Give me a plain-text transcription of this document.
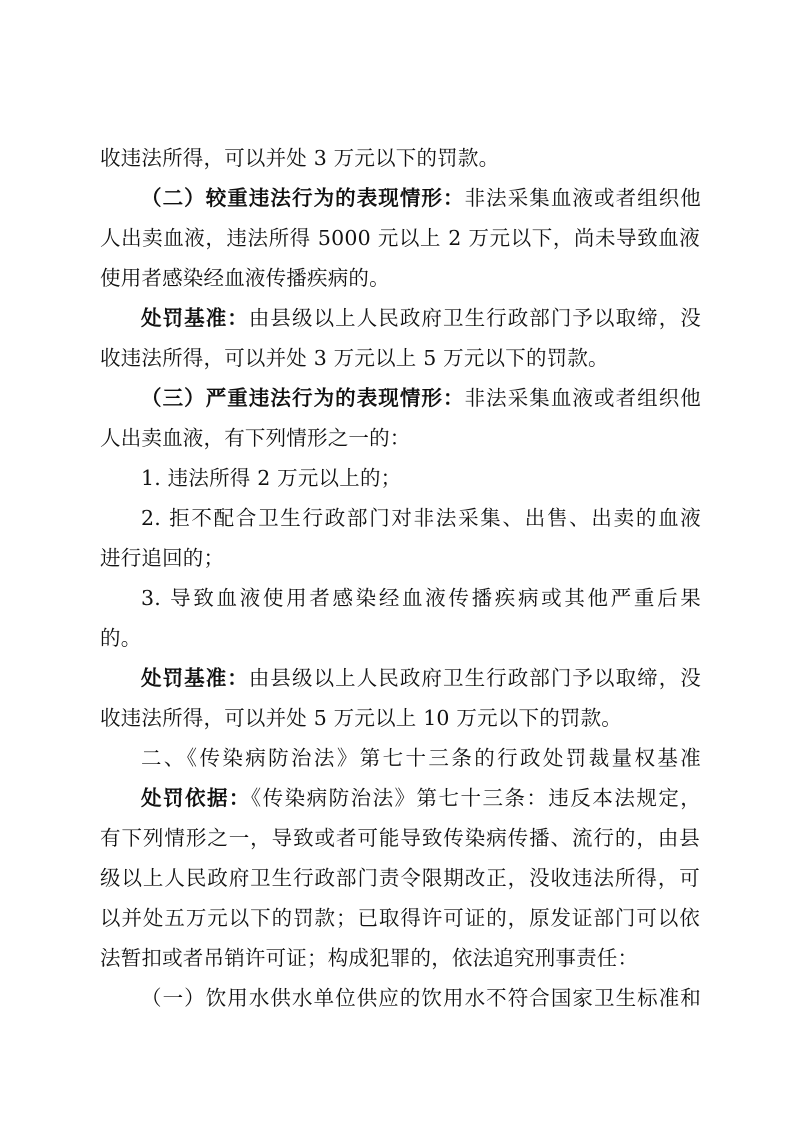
收违法所得，可以并处 3 万元以下的罚款。
（二）较重违法行为的表现情形：非法采集血液或者组织他
人出卖血液，违法所得 5000 元以上 2 万元以下，尚未导致血液
使用者感染经血液传播疾病的。
处罚基准：由县级以上人民政府卫生行政部门予以取缔，没
收违法所得，可以并处 3 万元以上 5 万元以下的罚款。
（三）严重违法行为的表现情形：非法采集血液或者组织他
人出卖血液，有下列情形之一的：
1. 违法所得 2 万元以上的；
2. 拒不配合卫生行政部门对非法采集、出售、出卖的血液
进行追回的；
3. 导致血液使用者感染经血液传播疾病或其他严重后果
的。
处罚基准：由县级以上人民政府卫生行政部门予以取缔，没
收违法所得，可以并处 5 万元以上 10 万元以下的罚款。
二、《传染病防治法》第七十三条的行政处罚裁量权基准
处罚依据：《传染病防治法》第七十三条：违反本法规定，
有下列情形之一，导致或者可能导致传染病传播、流行的，由县
级以上人民政府卫生行政部门责令限期改正，没收违法所得，可
以并处五万元以下的罚款；已取得许可证的，原发证部门可以依
法暂扣或者吊销许可证；构成犯罪的，依法追究刑事责任：
（一）饮用水供水单位供应的饮用水不符合国家卫生标准和
